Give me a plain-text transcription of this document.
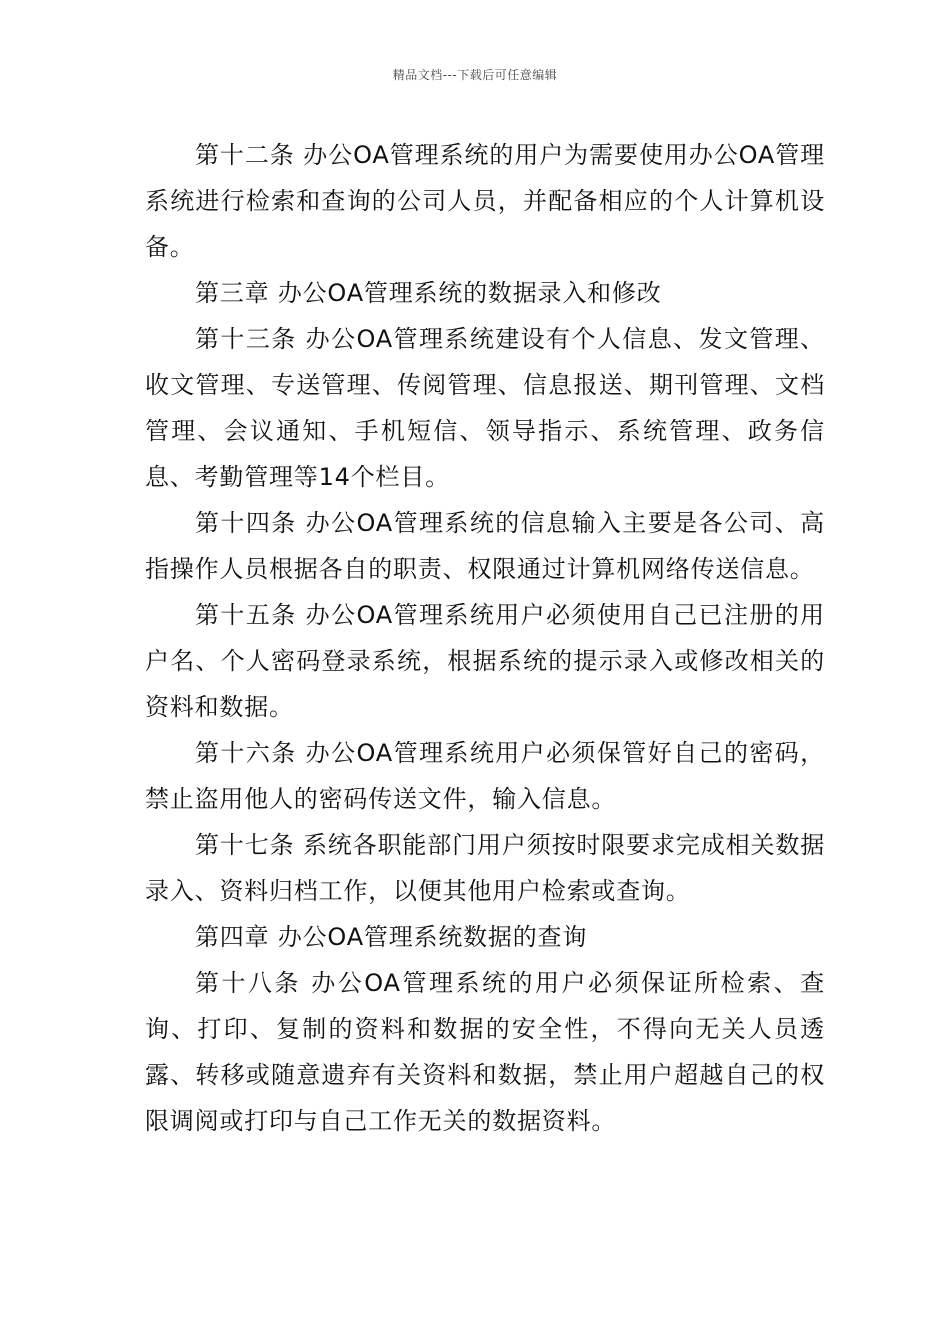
精品文档---下载后可任意编辑

第十二条 办公OA管理系统的用户为需要使用办公OA管理系统进行检索和查询的公司人员，并配备相应的个人计算机设备。

第三章 办公OA管理系统的数据录入和修改

第十三条 办公OA管理系统建设有个人信息、发文管理、收文管理、专送管理、传阅管理、信息报送、期刊管理、文档管理、会议通知、手机短信、领导指示、系统管理、政务信息、考勤管理等14个栏目。

第十四条 办公OA管理系统的信息输入主要是各公司、高指操作人员根据各自的职责、权限通过计算机网络传送信息。

第十五条 办公OA管理系统用户必须使用自己已注册的用户名、个人密码登录系统，根据系统的提示录入或修改相关的资料和数据。

第十六条 办公OA管理系统用户必须保管好自己的密码，禁止盗用他人的密码传送文件，输入信息。

第十七条 系统各职能部门用户须按时限要求完成相关数据录入、资料归档工作，以便其他用户检索或查询。

第四章 办公OA管理系统数据的查询

第十八条 办公OA管理系统的用户必须保证所检索、查询、打印、复制的资料和数据的安全性，不得向无关人员透露、转移或随意遗弃有关资料和数据，禁止用户超越自己的权限调阅或打印与自己工作无关的数据资料。
